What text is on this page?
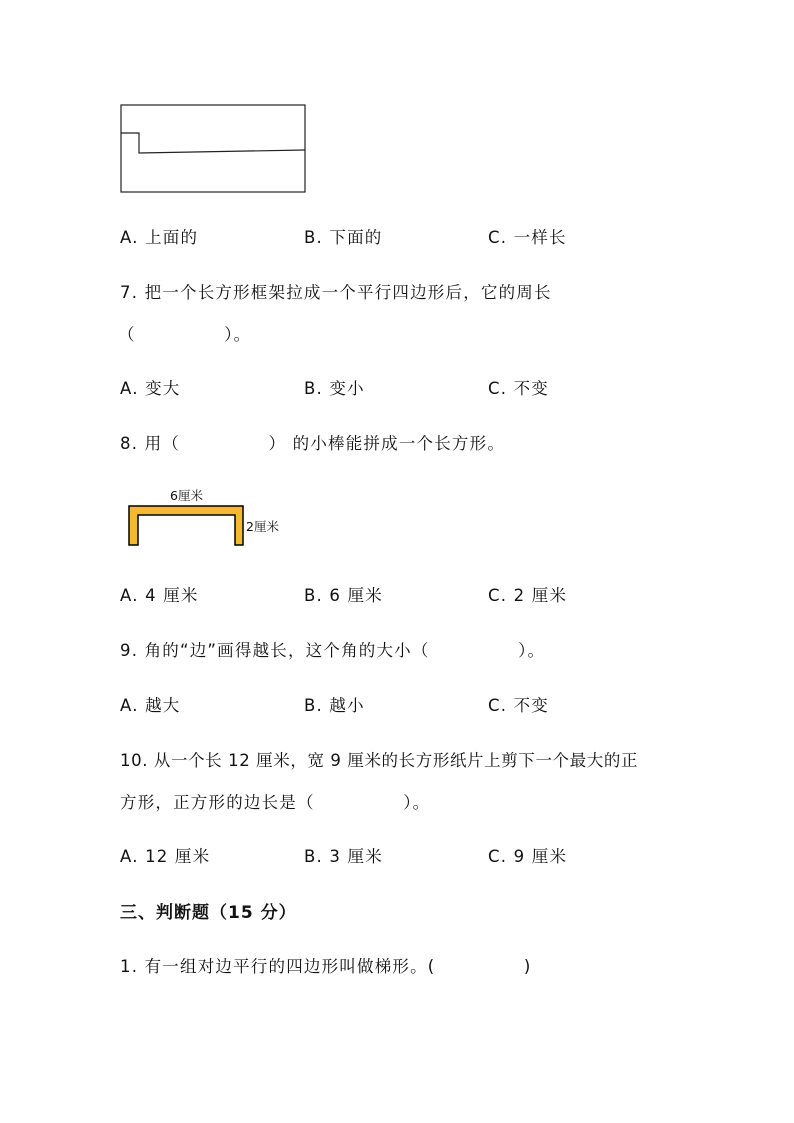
A. 上面的	B. 下面的	C. 一样长
7. 把一个长方形框架拉成一个平行四边形后，它的周长
（　　　　　）。
A. 变大	B. 变小	C. 不变
8. 用（　　　　　） 的小棒能拼成一个长方形。
6厘米
2厘米
A. 4 厘米	B. 6 厘米	C. 2 厘米
9. 角的“边”画得越长，这个角的大小（　　　　　）。
A. 越大	B. 越小	C. 不变
10. 从一个长 12 厘米，宽 9 厘米的长方形纸片上剪下一个最大的正
方形，正方形的边长是（　　　　　）。
A. 12 厘米	B. 3 厘米	C. 9 厘米
三、判断题（15 分）
1. 有一组对边平行的四边形叫做梯形。(　　　　　)
